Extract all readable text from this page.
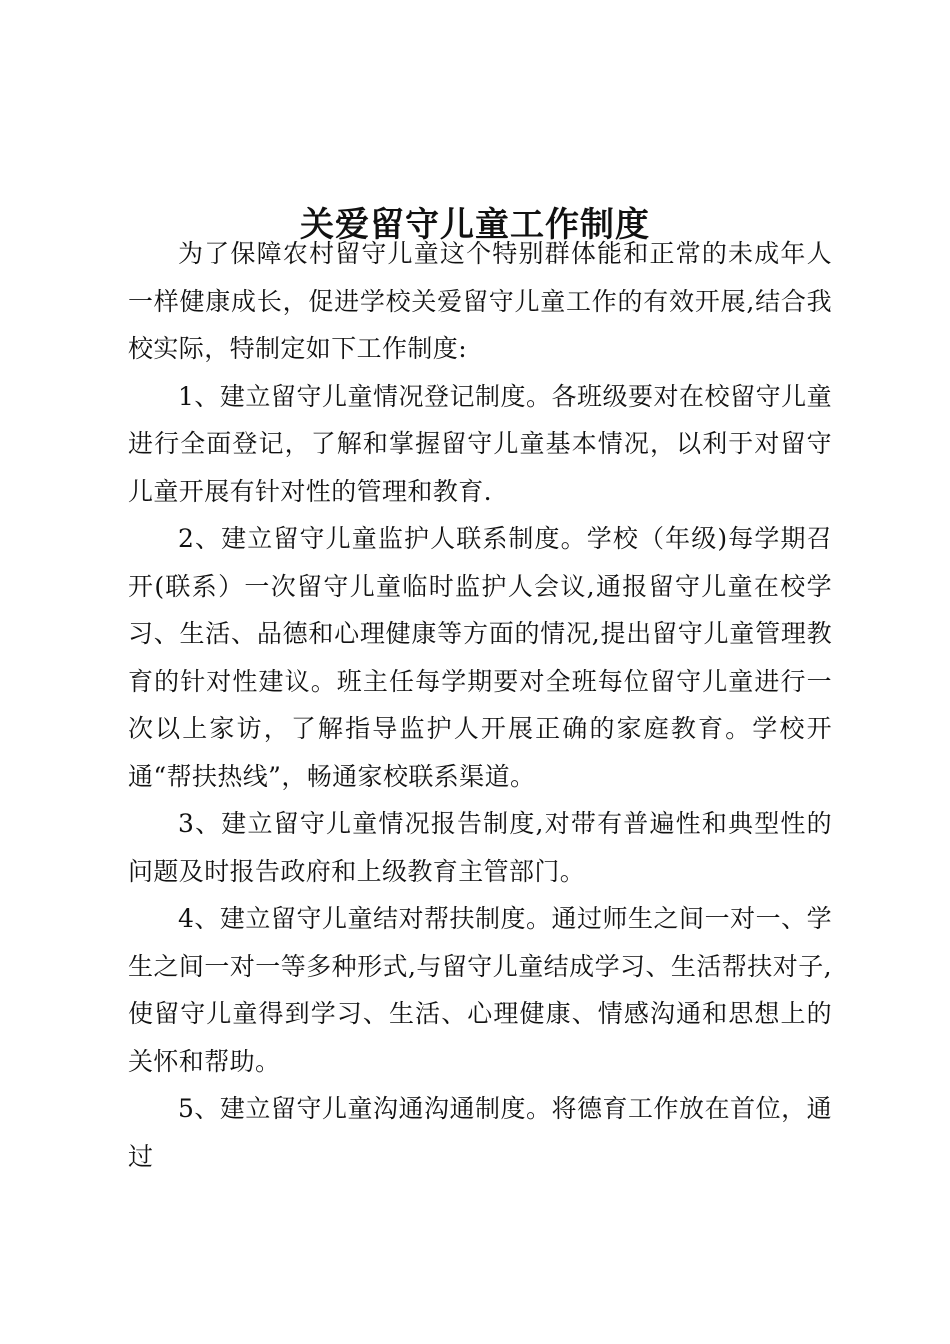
关爱留守儿童工作制度

为了保障农村留守儿童这个特别群体能和正常的未成年人一样健康成长，促进学校关爱留守儿童工作的有效开展,结合我校实际，特制定如下工作制度:

1、建立留守儿童情况登记制度。各班级要对在校留守儿童进行全面登记，了解和掌握留守儿童基本情况，以利于对留守儿童开展有针对性的管理和教育.

2、建立留守儿童监护人联系制度。学校（年级)每学期召开(联系）一次留守儿童临时监护人会议,通报留守儿童在校学习、生活、品德和心理健康等方面的情况,提出留守儿童管理教育的针对性建议。班主任每学期要对全班每位留守儿童进行一次以上家访，了解指导监护人开展正确的家庭教育。学校开通“帮扶热线”，畅通家校联系渠道。

3、建立留守儿童情况报告制度,对带有普遍性和典型性的问题及时报告政府和上级教育主管部门。

4、建立留守儿童结对帮扶制度。通过师生之间一对一、学生之间一对一等多种形式,与留守儿童结成学习、生活帮扶对子,使留守儿童得到学习、生活、心理健康、情感沟通和思想上的关怀和帮助。

5、建立留守儿童沟通沟通制度。将德育工作放在首位，通过
